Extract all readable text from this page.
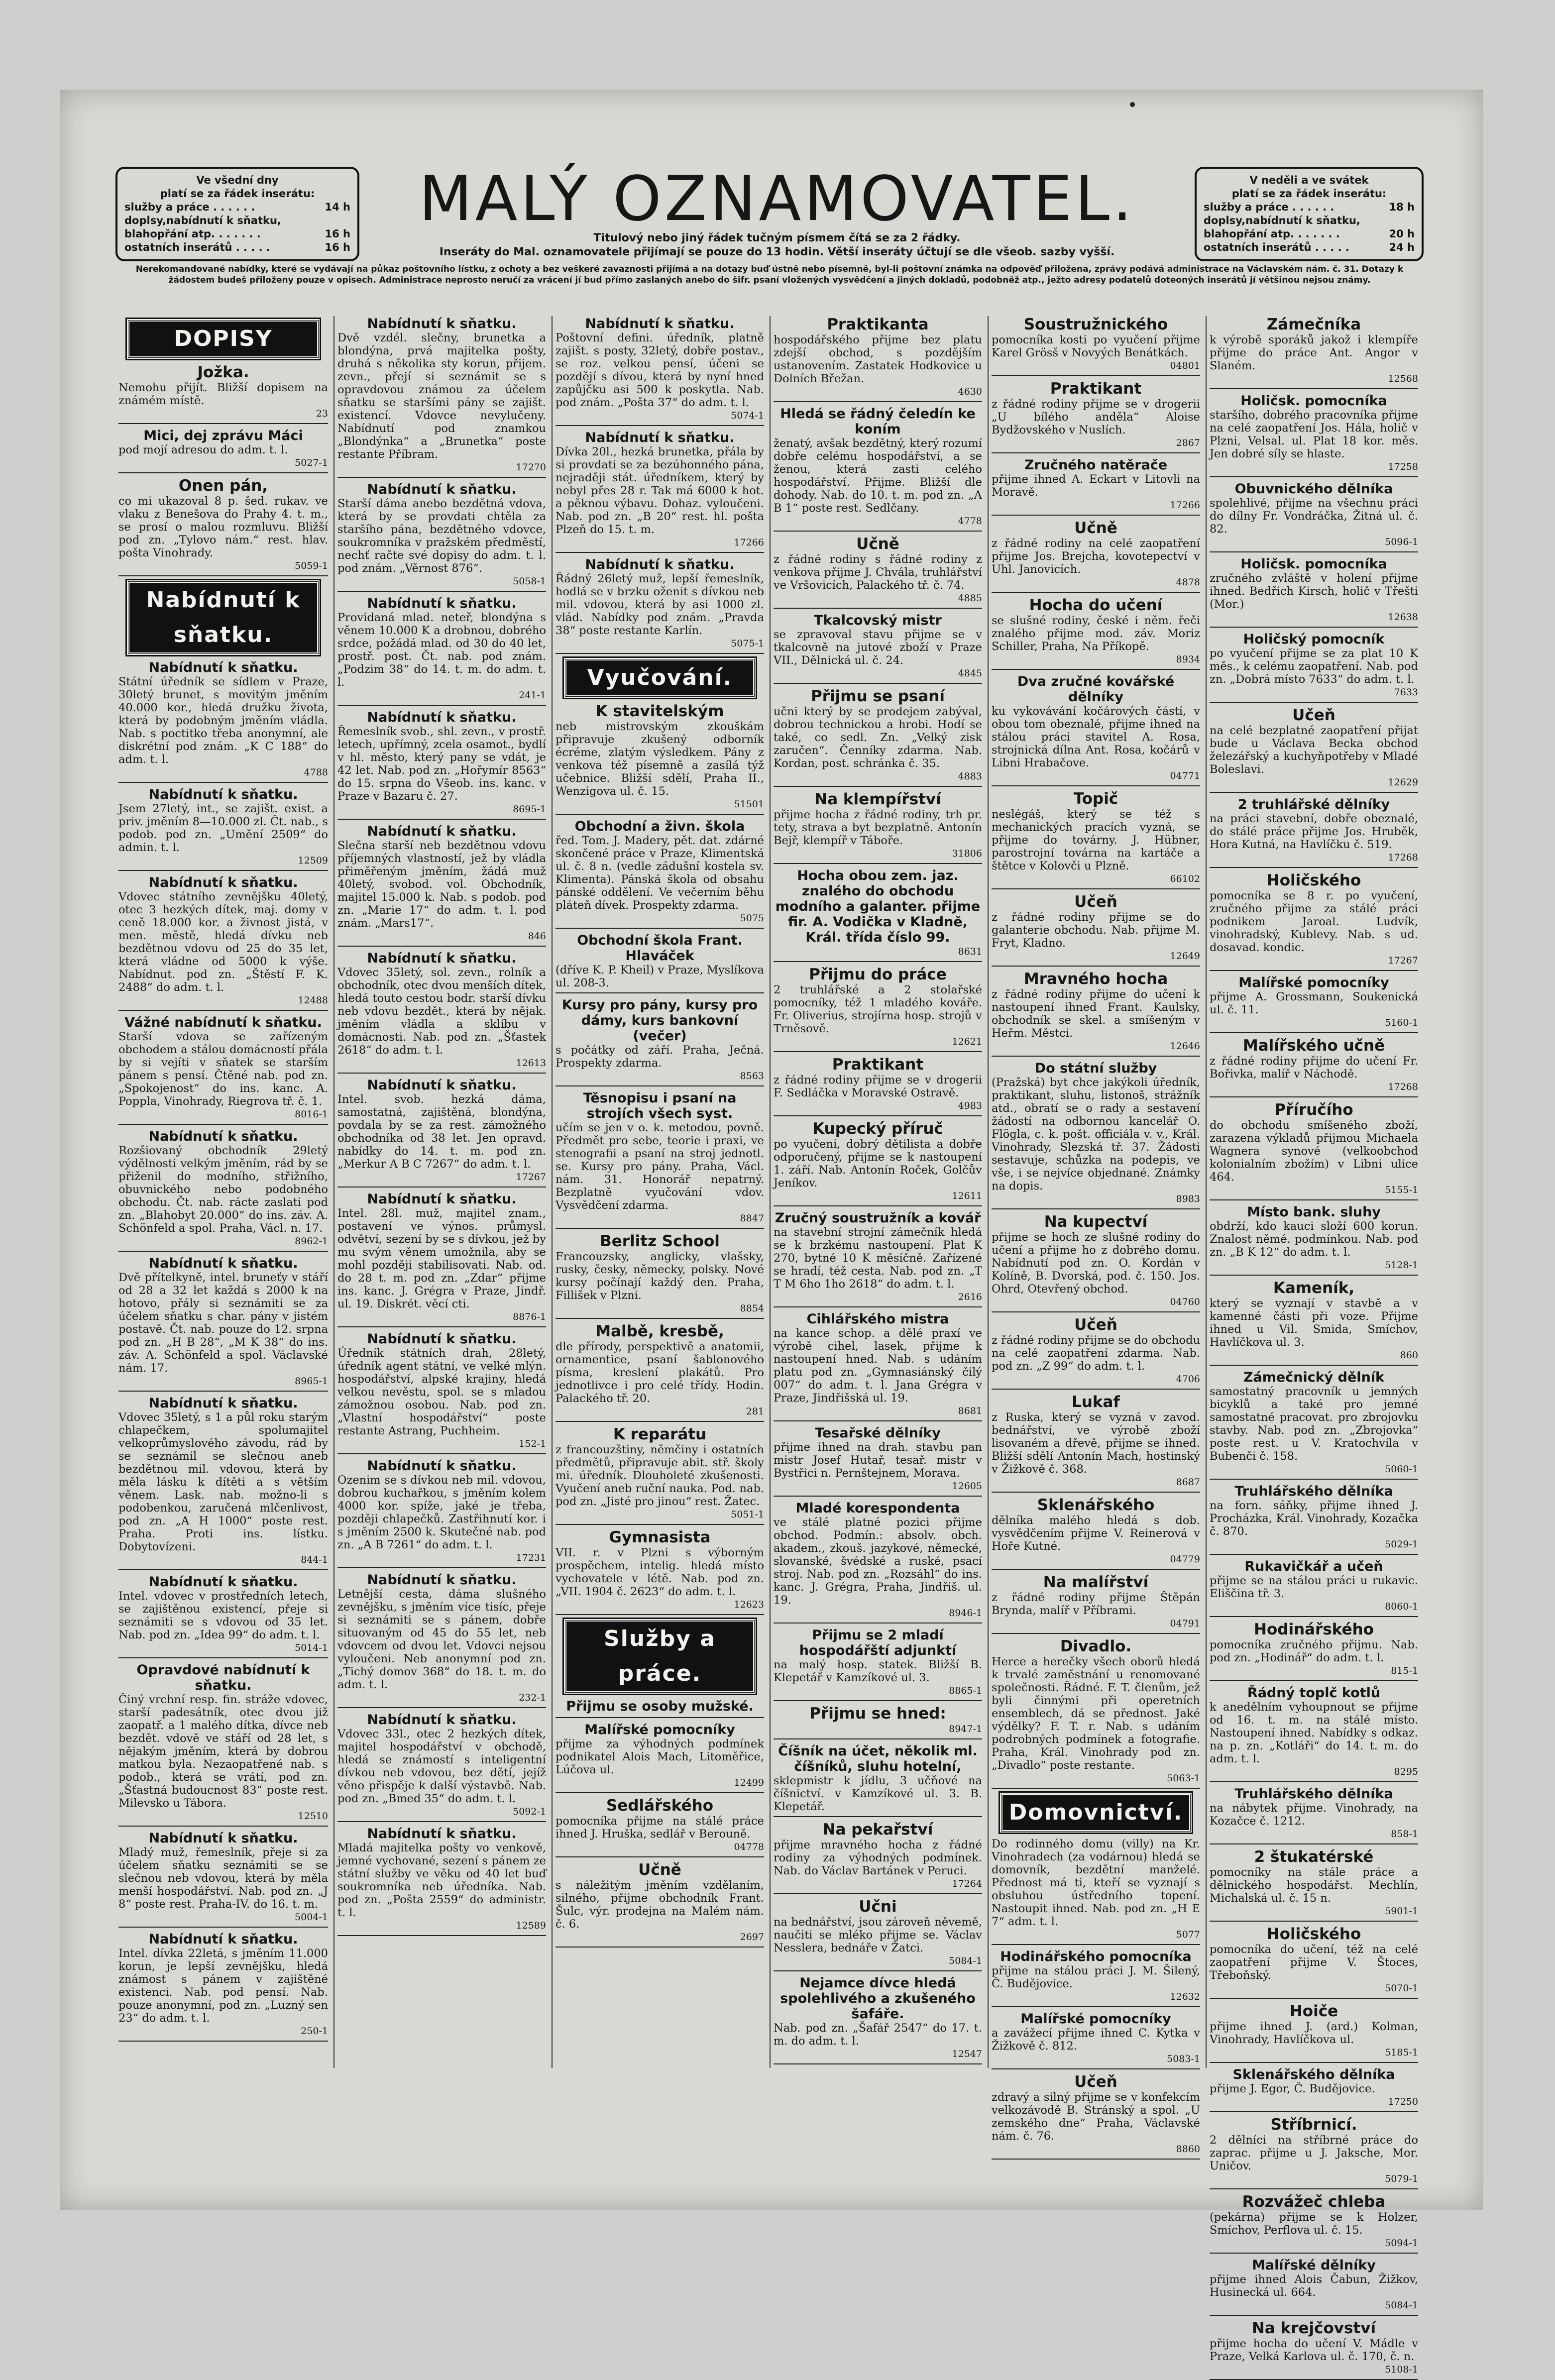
Ve všední dny
platí se za řádek inserátu:
služby a práce . . . . . .	14 h
doplsy,nabídnutí k sňatku,
blahopřání atp. . . . . . .	16 h
ostatních inserátů . . . . .	16 h
MALÝ OZNAMOVATEL.
Titulový nebo jiný řádek tučným písmem čítá se za 2 řádky.
Inseráty do Mal. oznamovatele přijímají se pouze do 13 hodin. Větší inseráty účtují se dle všeob. sazby vyšší.
V neděli a ve svátek
platí se za řádek inserátu:
služby a práce . . . . . .	18 h
doplsy,nabídnutí k sňatku,
blahopřání atp. . . . . . .	20 h
ostatních inserátů . . . . .	24 h
Nerekomandované nabídky, které se vydávají na půkaz poštovního lístku, z ochoty a bez veškeré zavaznosti přijímá a na dotazy buď ústně nebo písemně, byl-li poštovní známka na odpověď přiložena, zprávy podává administrace na Václavském nám. č. 31. Dotazy k žádostem budeš přiloženy pouze v opisech. Administrace neprosto neručí za vrácení jí bud přímo zaslaných anebo do šifr. psaní vložených vysvědčení a jiných dokladů, podobněž atp., ježto adresy podatelů doteoných inserátů jí většinou nejsou známy.
DOPISY
Jožka.
Nemohu přijít. Bližší dopisem na známém místě.
23
Mici, dej zprávu Máci
pod mojí adresou do adm. t. l.
5027-1
Onen pán,
co mi ukazoval 8 p. šed. rukav. ve vlaku z Benešova do Prahy 4. t. m., se prosí o malou rozmluvu. Bližší pod zn. „Tylovo nám.“ rest. hlav. pošta Vinohrady.
5059-1
Nabídnutí k sňatku.
Nabídnutí k sňatku.
Státní úředník se sídlem v Praze, 30letý brunet, s movitým jměním 40.000 kor., hledá družku života, která by podobným jměním vládla. Nab. s poctitko třeba anonymní, ale diskrétní pod znám. „K C 188“ do adm. t. l.
4788
Nabídnutí k sňatku.
Jsem 27letý, int., se zajišt. exist. a priv. jměním 8—10.000 zl. Čt. nab., s podob. pod zn. „Umění 2509“ do admin. t. l.
12509
Nabídnutí k sňatku.
Vdovec státního zevnějšku 40letý, otec 3 hezkých dítek, maj. domy v ceně 18.000 kor. a živnost jistá, v men. městě, hledá dívku neb bezdětnou vdovu od 25 do 35 let, která vládne od 5000 k výše. Nabídnut. pod zn. „Štěstí F. K. 2488“ do adm. t. l.
12488
Vážné nabídnutí k sňatku.
Starší vdova se zařízeným obchodem a stálou domácností přála by si vejíti v sňatek se starším pánem s pensí. Čtěné nab. pod zn. „Spokojenost“ do ins. kanc. A. Poppla, Vinohrady, Riegrova tř. č. 1.
8016-1
Nabídnutí k sňatku.
Rozšiovaný obchodník 29letý výdělnosti velkým jměním, rád by se přiženil do modního, střižního, obuvnického nebo podobného obchodu. Čt. nab. rácte zaslati pod zn. „Blahobyt 20.000“ do ins. záv. A. Schönfeld a spol. Praha, Václ. n. 17.
8962-1
Nabídnutí k sňatku.
Dvě přítelkyně, intel. bruneťy v stáří od 28 a 32 let každá s 2000 k na hotovo, přály si seznámiti se za účelem sňatku s char. pány v jistém postavě. Čt. nab. pouze do 12. srpna pod zn. „H B 28“, „M K 38“ do ins. záv. A. Schönfeld a spol. Václavské nám. 17.
8965-1
Nabídnutí k sňatku.
Vdovec 35letý, s 1 a půl roku starým chlapečkem, spolumajitel velkoprůmyslového závodu, rád by se seznámil se slečnou aneb bezdětnou mil. vdovou, která by měla lásku k dítěti a s větším věnem. Lask. nab. možno-li s podobenkou, zaručená mlčenlivost, pod zn. „A H 1000“ poste rest. Praha. Proti ins. lístku. Dobytovízeni.
844-1
Nabídnutí k sňatku.
Intel. vdovec v prostředních letech, se zajištěnou existencí, přeje si seznámiti se s vdovou od 35 let. Nab. pod zn. „Idea 99“ do adm. t. l.
5014-1
Opravdové nabídnutí k sňatku.
Činý vrchní resp. fin. stráže vdovec, starší padesátník, otec dvou již zaopatř. a 1 malého dítka, dívce neb bezdět. vdově ve stáří od 28 let, s nějakým jměním, která by dobrou matkou byla. Nezaopatřené nab. s podob., která se vrátí, pod zn. „Šťastná budoucnost 83“ poste rest. Milevsko u Tábora.
12510
Nabídnutí k sňatku.
Mladý muž, řemeslník, přeje si za účelem sňatku seznámiti se se slečnou neb vdovou, která by měla menší hospodářství. Nab. pod zn. „J 8“ poste rest. Praha-IV. do 16. t. m.
5004-1
Nabídnutí k sňatku.
Intel. dívka 22letá, s jměním 11.000 korun, je lepší zevnějšku, hledá známost s pánem v zajištěné existenci. Nab. pod pensí. Nab. pouze anonymní, pod zn. „Luzný sen 23“ do adm. t. l.
250-1
Nabídnutí k sňatku.
Dvě vzdél. slečny, brunetka a blondýna, prvá majitelka pošty, druhá s několika sty korun, přijem. zevn., přejí si seznámit se s opravdovou známou za účelem sňatku se staršími pány se zajišt. existencí. Vdovce nevylučeny. Nabídnutí pod znamkou „Blondýnka“ a „Brunetka“ poste restante Příbram.
17270
Nabídnutí k sňatku.
Starší dáma anebo bezdětná vdova, která by se provdati chtěla za staršího pána, bezdětného vdovce, soukromníka v pražském předměstí, nechť račte své dopisy do adm. t. l. pod znám. „Věrnost 876“.
5058-1
Nabídnutí k sňatku.
Providaná mlad. neteř, blondýna s věnem 10.000 K a drobnou, dobrého srdce, požádá mlad. od 30 do 40 let, prostř. post. Čt. nab. pod znám. „Podzim 38“ do 14. t. m. do adm. t. l.
241-1
Nabídnutí k sňatku.
Řemeslník svob., shl. zevn., v prostř. letech, upřímný, zcela osamot., bydlí v hl. město, který pany se vdát, je 42 let. Nab. pod zn. „Hořymír 8563“ do 15. srpna do Všeob. ins. kanc. v Praze v Bazaru č. 27.
8695-1
Nabídnutí k sňatku.
Slečna starší neb bezdětnou vdovu příjemných vlastností, jež by vládla přiměřeným jměním, žádá muž 40letý, svobod. vol. Obchodník, majitel 15.000 k. Nab. s podob. pod zn. „Marie 17“ do adm. t. l. pod znám. „Mars17“.
846
Nabídnutí k sňatku.
Vdovec 35letý, sol. zevn., rolník a obchodník, otec dvou menších dítek, hledá touto cestou bodr. starší dívku neb vdovu bezdět., která by nějak. jměním vládla a sklíbu v domácnosti. Nab. pod zn. „Šťastek 2618“ do adm. t. l.
12613
Nabídnutí k sňatku.
Intel. svob. hezká dáma, samostatná, zajištěná, blondýna, povdala by se za rest. zámožného obchodníka od 38 let. Jen opravd. nabídky do 14. t. m. pod zn. „Merkur A B C 7267“ do adm. t. l.
17267
Nabídnutí k sňatku.
Intel. 28l. muž, majitel znam., postavení ve výnos. průmysl. odvětví, sezení by se s dívkou, jež by mu svým věnem umožnila, aby se mohl později stabilisovati. Nab. od. do 28 t. m. pod zn. „Zdar“ přijme ins. kanc. J. Grégra v Praze, Jindř. ul. 19. Diskrét. věcí cti.
8876-1
Nabídnutí k sňatku.
Úředník státních drah, 28letý, úředník agent státní, ve velké mlýn. hospodářství, alpské krajiny, hledá velkou nevěstu, spol. se s mladou zámožnou osobou. Nab. pod zn. „Vlastní hospodářství“ poste restante Astrang, Puchheim.
152-1
Nabídnutí k sňatku.
Ozenim se s dívkou neb mil. vdovou, dobrou kuchařkou, s jměním kolem 4000 kor. spíže, jaké je třeba, později chlapečků. Zastřihnutí kor. i s jměním 2500 k. Skutečné nab. pod zn. „A B 7261“ do adm. t. l.
17231
Nabídnutí k sňatku.
Letnější cesta, dáma slušného zevnějšku, s jměním více tisíc, přeje si seznámiti se s pánem, dobře situovaným od 45 do 55 let, neb vdovcem od dvou let. Vdovci nejsou vyloučeni. Neb anonymní pod zn. „Tichý domov 368“ do 18. t. m. do adm. t. l.
232-1
Nabídnutí k sňatku.
Vdovec 33l., otec 2 hezkých dítek, majitel hospodářství v obchodě, hledá se známostí s inteligentní dívkou neb vdovou, bez dětí, jejíž věno přispěje k další výstavbě. Nab. pod zn. „Bmed 35“ do adm. t. l.
5092-1
Nabídnutí k sňatku.
Mladá majitelka pošty vo venkově, jemné vychované, sezení s pánem ze státní služby ve věku od 40 let buď soukromníka neb úředníka. Nab. pod zn. „Pošta 2559“ do administr. t. l.
12589
Nabídnutí k sňatku.
Poštovní defini. úředník, platně zajišt. s posty, 32letý, dobře postav., se roz. velkou pensí, účeni se pozdějí s dívou, která by nyní hned zapůjčku asi 500 k poskytla. Nab. pod znám. „Pošta 37“ do adm. t. l.
5074-1
Nabídnutí k sňatku.
Dívka 20l., hezká brunetka, přála by si provdati se za bezúhonného pána, nejraději stát. úředníkem, který by nebyl přes 28 r. Tak má 6000 k hot. a pěknou výbavu. Dohaz. vyloučeni. Nab. pod zn. „B 20“ rest. hl. pošta Plzeň do 15. t. m.
17266
Nabídnutí k sňatku.
Řádný 26letý muž, lepší řemeslník, hodlá se v brzku oženit s dívkou neb mil. vdovou, která by asi 1000 zl. vlád. Nabídky pod znám. „Pravda 38“ poste restante Karlín.
5075-1
Vyučování.
K stavitelským
neb mistrovským zkouškám připravuje zkušený odborník écréme, zlatým výsledkem. Pány z venkova též písemně a zasílá týž učebnice. Bližší sdělí, Praha II., Wenzigova ul. č. 15.
51501
Obchodní a živn. škola
řed. Tom. J. Madery, pět. dat. zdárné skončené práce v Praze, Klimentská ul. č. 8 n. (vedle zádušní kostela sv. Klimenta). Pánská škola od obsahu pánské oddělení. Ve večerním běhu pláteň dívek. Prospekty zdarma.
5075
Obchodní škola Frant. Hlaváček
(dříve K. P. Kheil) v Praze, Myslíkova ul. 208-3.
Kursy pro pány, kursy pro dámy, kurs bankovní (večer)
s počátky od září. Praha, Ječná. Prospekty zdarma.
8563
Těsnopisu i psaní na strojích všech syst.
učím se jen v o. k. metodou, povně. Předmět pro sebe, teorie i praxi, ve stenografii a psaní na stroj jednotl. se. Kursy pro pány. Praha, Václ. nám. 31. Honorář nepatrný. Bezplatně vyučování vdov. Vysvědčení zdarma.
8847
Berlitz School
Francouzsky, anglicky, vlašsky, rusky, česky, německy, polsky. Nové kursy počínají každý den. Praha, Fillišek v Plzni.
8854
Malbě, kresbě,
dle přírody, perspektivě a anatomii, ornamentice, psaní šablonového písma, kreslení plakátů. Pro jednotlivce i pro celé třídy. Hodin. Palackého tř. 20.
281
K reparátu
z francouzštiny, němčiny i ostatních předmětů, připravuje abit. stř. školy mi. úředník. Dlouholeté zkušenosti. Vyučení aneb ruční nauka. Pod. nab. pod zn. „Jisté pro jinou“ rest. Žatec.
5051-1
Gymnasista
VII. r. v Plzni s výborným prospěchem, intelig. hledá místo vychovatele v létě. Nab. pod zn. „VII. 1904 č. 2623“ do adm. t. l.
12623
Služby a práce.
Přijmu se osoby mužské.
Malířské pomocníky
přijme za výhodných podmínek podnikatel Alois Mach, Litoměřice, Lúčova ul.
12499
Sedlářského
pomocníka přijme na stálé práce ihned J. Hruška, sedlář v Berouně.
04778
Učně
s náležitým jměním vzdělaním, silného, přijme obchodník Frant. Šulc, výr. prodejna na Malém nám. č. 6.
2697
Praktikanta
hospodářského přijme bez platu zdejší obchod, s pozdějším ustanovením. Zastatek Hodkovice u Dolních Břežan.
4630
Hledá se řádný čeledín ke koním
ženatý, avšak bezdětný, který rozumí dobře celému hospodářství, a se ženou, která zasti celého hospodářství. Přijme. Bližší dle dohody. Nab. do 10. t. m. pod zn. „A B 1“ poste rest. Sedlčany.
4778
Učně
z řádné rodiny s řádné rodiny z venkova přijme J. Chvála, truhlářství ve Vršovicích, Palackého tř. č. 74.
4885
Tkalcovský mistr
se zpravoval stavu přijme se v tkalcovně na jutové zboží v Praze VII., Dělnická ul. č. 24.
4845
Přijmu se psaní
učni který by se prodejem zabýval, dobrou technickou a hrobi. Hodí se také, co sedl. Zn. „Velký zisk zaručen“. Čenníky zdarma. Nab. Kordan, post. schránka č. 35.
4883
Na klempířství
přijme hocha z řádné rodiny, trh pr. tety, strava a byt bezplatně. Antonín Bejř, klempíř v Táboře.
31806
Hocha obou zem. jaz. znalého do obchodu modního a galanter. přijme fir. A. Vodička v Kladně, Král. třída číslo 99.
8631
Přijmu do práce
2 truhlářské a 2 stolařské pomocníky, též 1 mladého kováře. Fr. Oliverius, strojírna hosp. strojů v Trněsově.
12621
Praktikant
z řádné rodiny přijme se v drogerii F. Sedláčka v Moravské Ostravě.
4983
Kupecký příruč
po vyučení, dobrý dětilista a dobře odporučený, přijme se k nastoupení 1. září. Nab. Antonín Roček, Golčův Jeníkov.
12611
Zručný soustružník a kovář
na stavební strojní zámečník hledá se k brzkému nastoupení. Plat K 270, bytné 10 K měsíčně. Zařízené se hradí, též cesta. Nab. pod zn. „T T M 6ho 1ho 2618“ do adm. t. l.
2616
Cihlářského mistra
na kance schop. a dělé praxí ve výrobě cihel, lasek, přijme k nastoupení hned. Nab. s udáním platu pod zn. „Gymnasiánský čilý 007“ do adm. t. l. Jana Grégra v Praze, Jindřišská ul. 19.
8681
Tesařské dělníky
přijme ihned na drah. stavbu pan mistr Josef Hutař, tesař. mistr v Bystřici n. Pernštejnem, Morava.
12605
Mladé korespondenta
ve stálé platné pozici přijme obchod. Podmín.: absolv. obch. akadem., zkouš. jazykové, německé, slovanské, švédské a ruské, psací stroj. Nab. pod zn. „Rozsáhl“ do ins. kanc. J. Grégra, Praha, Jindřiš. ul. 19.
8946-1
Přijmu se 2 mladí hospodářští adjunktí
na malý hosp. statek. Bližší B. Klepetář v Kamzíkové ul. 3.
8865-1
Přijmu se hned:
8947-1
Číšník na účet, několik ml. číšníků, sluhu hotelní,
sklepmistr k jídlu, 3 učňové na číšnictví. v Kamzíkové ul. 3. B. Klepetář.
Na pekařství
přijme mravného hocha z řádné rodiny za výhodných podmínek. Nab. do Václav Bartánek v Peruci.
17264
Učni
na bednářství, jsou zároveň něvemě, naučiti se mléko přijme se. Václav Nesslera, bednáře v Žatci.
5084-1
Nejamce dívce hledá spolehlivého a zkušeného šafáře.
Nab. pod zn. „Šafář 2547“ do 17. t. m. do adm. t. l.
12547
Soustružnického
pomocníka kosti po vyučení přijme Karel Grösš v Novyých Benátkách.
04801
Praktikant
z řádné rodiny přijme se v drogerii „U bílého anděla“ Aloise Bydžovského v Nuslích.
2867
Zručného natěrače
přijme ihned A. Eckart v Litovli na Moravě.
17266
Učně
z řádné rodiny na celé zaopatření přijme Jos. Brejcha, kovotepectví v Uhl. Janovicích.
4878
Hocha do učení
se slušné rodiny, české i něm. řeči znalého přijme mod. záv. Moriz Schiller, Praha, Na Příkopě.
8934
Dva zručné kovářské dělníky
ku vykovávání kočárových částí, v obou tom obeznalé, přijme ihned na stálou práci stavitel A. Rosa, strojnická dílna Ant. Rosa, kočárů v Libni Hrabačove.
04771
Topič
neslégáš, který se též s mechanických pracích vyzná, se přijme do továrny. J. Hübner, parostrojní továrna na kartáče a štětce v Kolovči u Plzně.
66102
Učeň
z řádné rodiny přijme se do galanterie obchodu. Nab. přijme M. Fryt, Kladno.
12649
Mravného hocha
z řádné rodiny přijme do učení k nastoupení ihned Frant. Kaulsky, obchodník se skel. a smíšeným v Heřm. Městci.
12646
Do státní služby
(Pražská) byt chce jakýkoli úředník, praktikant, sluhu, listonoš, strážník atd., obratí se o rady a sestavení žádostí na odbornou kancelář O. Flögla, c. k. pošt. officiála v. v., Král. Vinohrady, Slezská tř. 37. Žádosti sestavuje, schůzka na podepis, ve vše, i se nejvíce objednané. Známky na dopis.
8983
Na kupectví
přijme se hoch ze slušné rodiny do učení a přijme ho z dobrého domu. Nabídnutí pod zn. O. Kordán v Kolíně, B. Dvorská, pod. č. 150. Jos. Ohrd, Otevřený obchod.
04760
Učeň
z řádné rodiny přijme se do obchodu na celé zaopatření zdarma. Nab. pod zn. „Z 99“ do adm. t. l.
4706
Lukaf
z Ruska, který se vyzná v zavod. bednářství, ve výrobě zboží lisovaném a dřevě, přijme se ihned. Bližší sdělí Antonín Mach, hostinský v Žižkově č. 368.
8687
Sklenářského
dělníka malého hledá s dob. vysvědčením přijme V. Reinerová v Hoře Kutné.
04779
Na malířství
z řádné rodiny přijme Štěpán Brynda, malíř v Příbrami.
04791
Divadlo.
Herce a herečky všech oborů hledá k trvalé zaměstnání u renomované společnosti. Řádné. F. T. členům, jež byli činnými při operetních ensemblech, dá se přednost. Jaké výdělky? F. T. r. Nab. s udáním podrobných podmínek a fotografie. Praha, Král. Vinohrady pod zn. „Divadlo“ poste restante.
5063-1
Domovnictví.
Do rodinného domu (villy) na Kr. Vinohradech (za vodárnou) hledá se domovník, bezdětní manželé. Přednost má ti, kteří se vyznají s obsluhou ústředního topení. Nastoupit ihned. Nab. pod zn. „H E 7“ adm. t. l.
5077
Hodinářského pomocníka
přijme na stálou práci J. M. Šilený, Č. Budějovice.
12632
Malířské pomocníky
a zavážecí přijme ihned C. Kytka v Žižkově č. 812.
5083-1
Učeň
zdravý a silný přijme se v konfekcím velkozávodě B. Stránský a spol. „U zemského dne“ Praha, Václavské nám. č. 76.
8860
Zámečníka
k výrobě sporáků jakož i klempíře přijme do práce Ant. Angor v Slaném.
12568
Holičsk. pomocníka
staršího, dobrého pracovníka přijme na celé zaopatření Jos. Hála, holič v Plzni, Velsal. ul. Plat 18 kor. měs. Jen dobré síly se hlaste.
17258
Obuvnického dělníka
spolehlivé, přijme na všechnu práci do dílny Fr. Vondráčka, Žitná ul. č. 82.
5096-1
Holičsk. pomocníka
zručného zvláště v holení přijme ihned. Bedřich Kirsch, holič v Třešti (Mor.)
12638
Holičský pomocník
po vyučení přijme se za plat 10 K měs., k celému zaopatření. Nab. pod zn. „Dobrá místo 7633“ do adm. t. l.
7633
Učeň
na celé bezplatné zaopatření přijat bude u Václava Becka obchod železářský a kuchyňpotřeby v Mladé Boleslavi.
12629
2 truhlářské dělníky
na práci stavební, dobře obeznalé, do stálé práce přijme Jos. Hruběk, Hora Kutná, na Havlíčku č. 519.
17268
Holičského
pomocníka se 8 r. po vyučení, zručného přijme za stálé práci podnikem Jaroal. Ludvík, vinohradský, Kublevy. Nab. s ud. dosavad. kondic.
17267
Malířské pomocníky
přijme A. Grossmann, Soukenická ul. č. 11.
5160-1
Malířského učně
z řádné rodiny přijme do učení Fr. Bořivka, malíř v Náchodě.
17268
Příručího
do obchodu smíšeného zboží, zarazena výkladů přijmou Michaela Wagnera synové (velkoobchod kolonialním zbožím) v Libni ulice 464.
5155-1
Místo bank. sluhy
obdrží, kdo kauci složí 600 korun. Znalost němé. podmínkou. Nab. pod zn. „B K 12“ do adm. t. l.
5128-1
Kameník,
který se vyznají v stavbě a v kamenné části při voze. Přijme ihned u Vil. Smida, Smíchov, Havlíčkova ul. 3.
860
Zámečnický dělník
samostatný pracovník u jemných bicyklů a také pro jemné samostatné pracovat. pro zbrojovku stavby. Nab. pod zn. „Zbrojovka“ poste rest. u V. Kratochvíla v Bubenči č. 158.
5060-1
Truhlářského dělníka
na forn. sáňky, přijme ihned J. Procházka, Král. Vinohrady, Kozačka č. 870.
5029-1
Rukavičkář a učeň
přijme se na stálou práci u rukavic. Eliščina tř. 3.
8060-1
Hodinářského
pomocníka zručného přijmu. Nab. pod zn. „Hodinář“ do adm. t. l.
815-1
Řádný toplč kotlů
k anedělním vyhoupnout se přijme od 16. t. m. na stálé místo. Nastoupení ihned. Nabídky s odkaz. na p. zn. „Kotláři“ do 14. t. m. do adm. t. l.
8295
Truhlářského dělníka
na nábytek přijme. Vinohrady, na Kozačce č. 1212.
858-1
2 štukatérské
pomocníky na stále práce a dělnického hospodářst. Mechlín, Michalská ul. č. 15 n.
5901-1
Holičského
pomocníka do učení, též na celé zaopatření přijme V. Štoces, Třeboňský.
5070-1
Hoiče
přijme ihned J. (ard.) Kolman, Vinohrady, Havlíčkova ul.
5185-1
Sklenářského dělníka
přijme J. Egor, Č. Budějovice.
17250
Stříbrnicí.
2 dělníci na stříbrné práce do zaprac. přijme u J. Jaksche, Mor. Uničov.
5079-1
Rozvážeč chleba
(pekárna) přijme se k Holzer, Smíchov, Perflova ul. č. 15.
5094-1
Malířské dělníky
přijme ihned Alois Čabun, Žižkov, Husinecká ul. 664.
5084-1
Na krejčovství
přijme hocha do učení V. Mádle v Praze, Velká Karlova ul. č. 170, č. n.
5108-1
